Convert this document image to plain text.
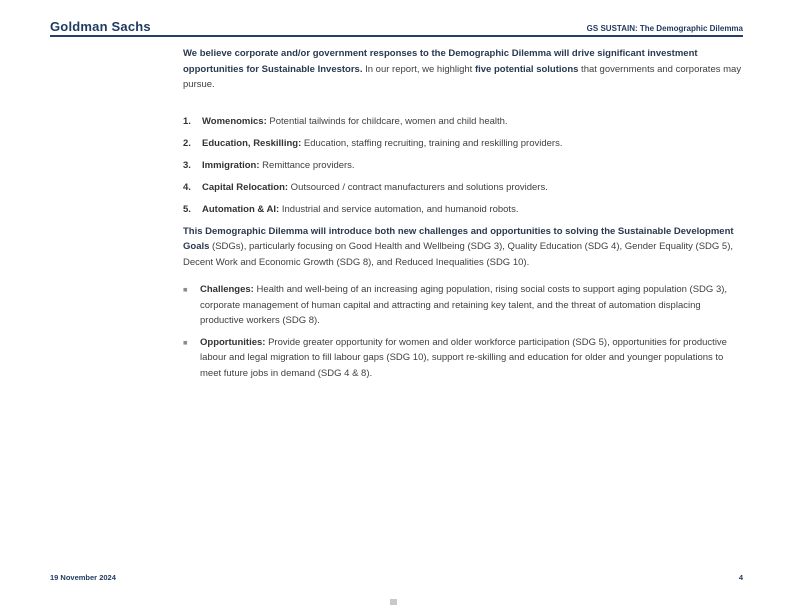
Goldman Sachs	GS SUSTAIN: The Demographic Dilemma

We believe corporate and/or government responses to the Demographic Dilemma will drive significant investment opportunities for Sustainable Investors. In our report, we highlight five potential solutions that governments and corporates may pursue.

1.	Womenomics: Potential tailwinds for childcare, women and child health.
2.	Education, Reskilling: Education, staffing recruiting, training and reskilling providers.
3.	Immigration: Remittance providers.
4.	Capital Relocation: Outsourced / contract manufacturers and solutions providers.
5.	Automation & AI: Industrial and service automation, and humanoid robots.

This Demographic Dilemma will introduce both new challenges and opportunities to solving the Sustainable Development Goals (SDGs), particularly focusing on Good Health and Wellbeing (SDG 3), Quality Education (SDG 4), Gender Equality (SDG 5), Decent Work and Economic Growth (SDG 8), and Reduced Inequalities (SDG 10).

■	Challenges: Health and well-being of an increasing aging population, rising social costs to support aging population (SDG 3), corporate management of human capital and attracting and retaining key talent, and the threat of automation displacing productive workers (SDG 8).
■	Opportunities: Provide greater opportunity for women and older workforce participation (SDG 5), opportunities for productive labour and legal migration to fill labour gaps (SDG 10), support re-skilling and education for older and younger populations to meet future jobs in demand (SDG 4 & 8).
19 November 2024	4
